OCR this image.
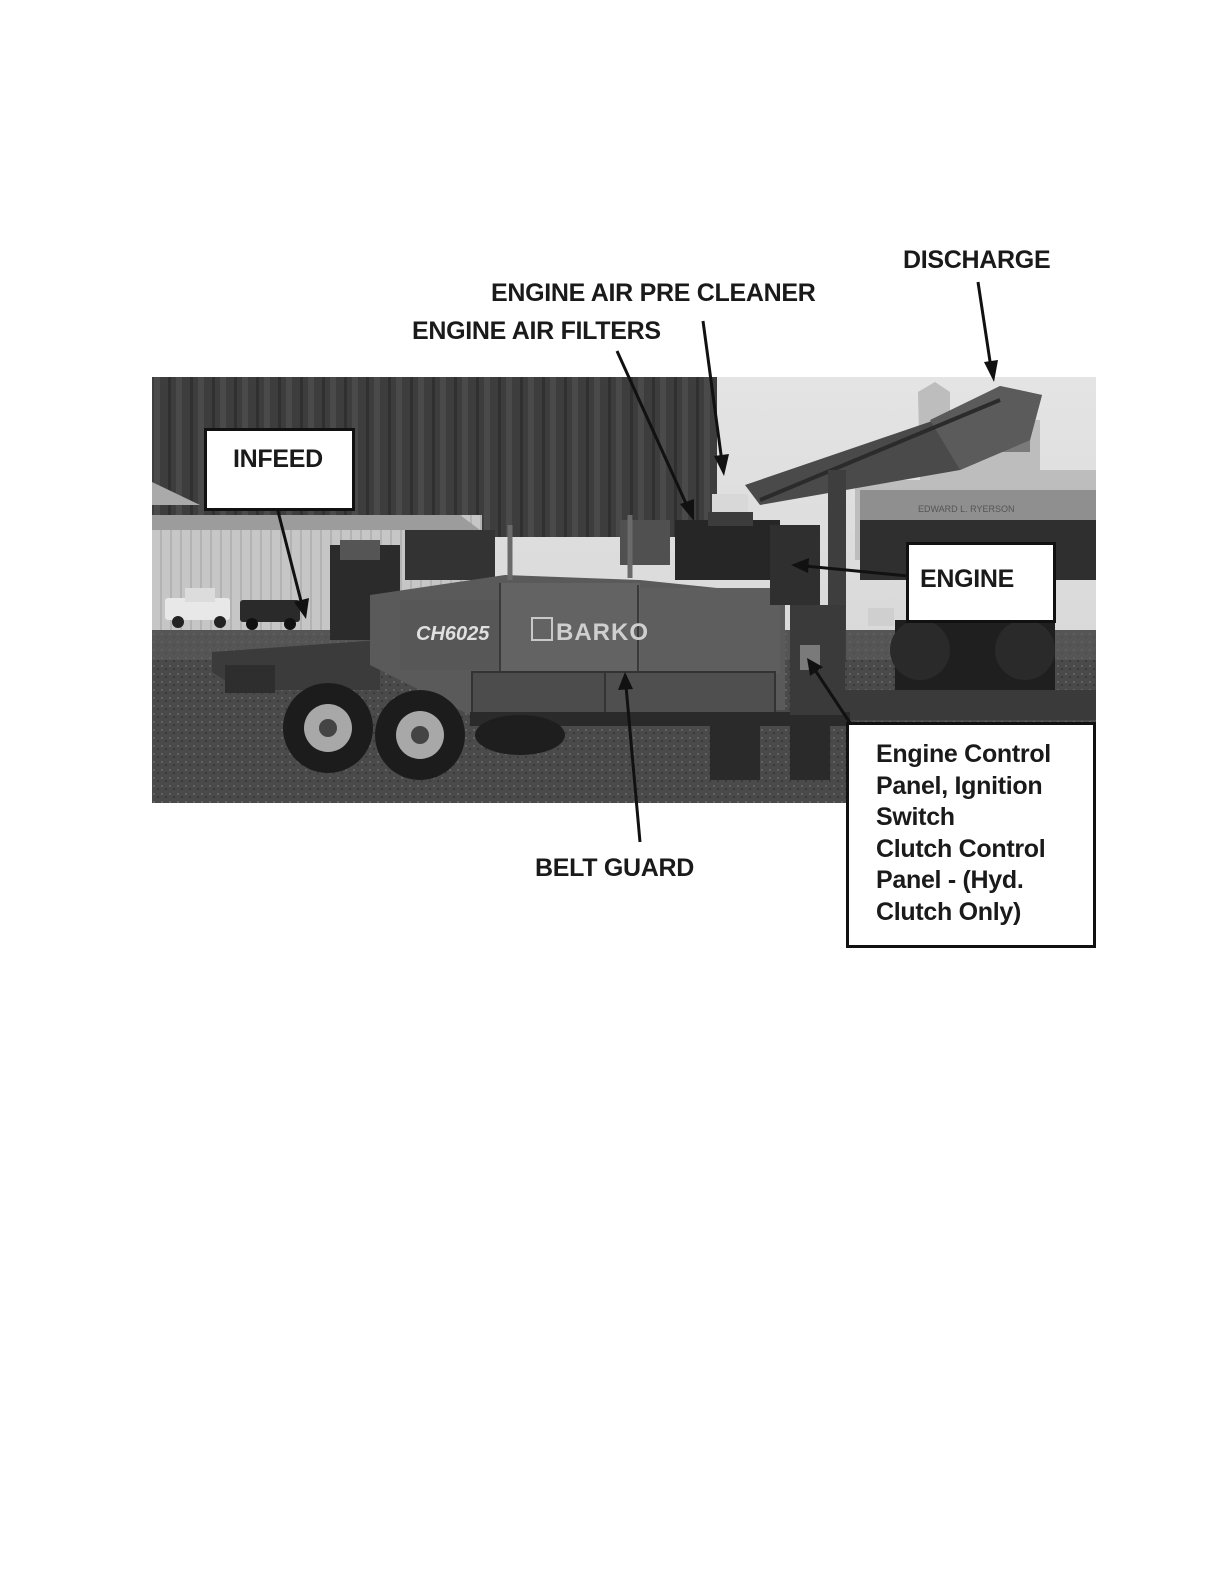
CH6025	BARKO
EDWARD L. RYERSON
DISCHARGE
ENGINE AIR PRE CLEANER
ENGINE AIR FILTERS
BELT GUARD
INFEED
ENGINE
Engine Control
Panel, Ignition
Switch
Clutch Control
Panel - (Hyd.
Clutch Only)
